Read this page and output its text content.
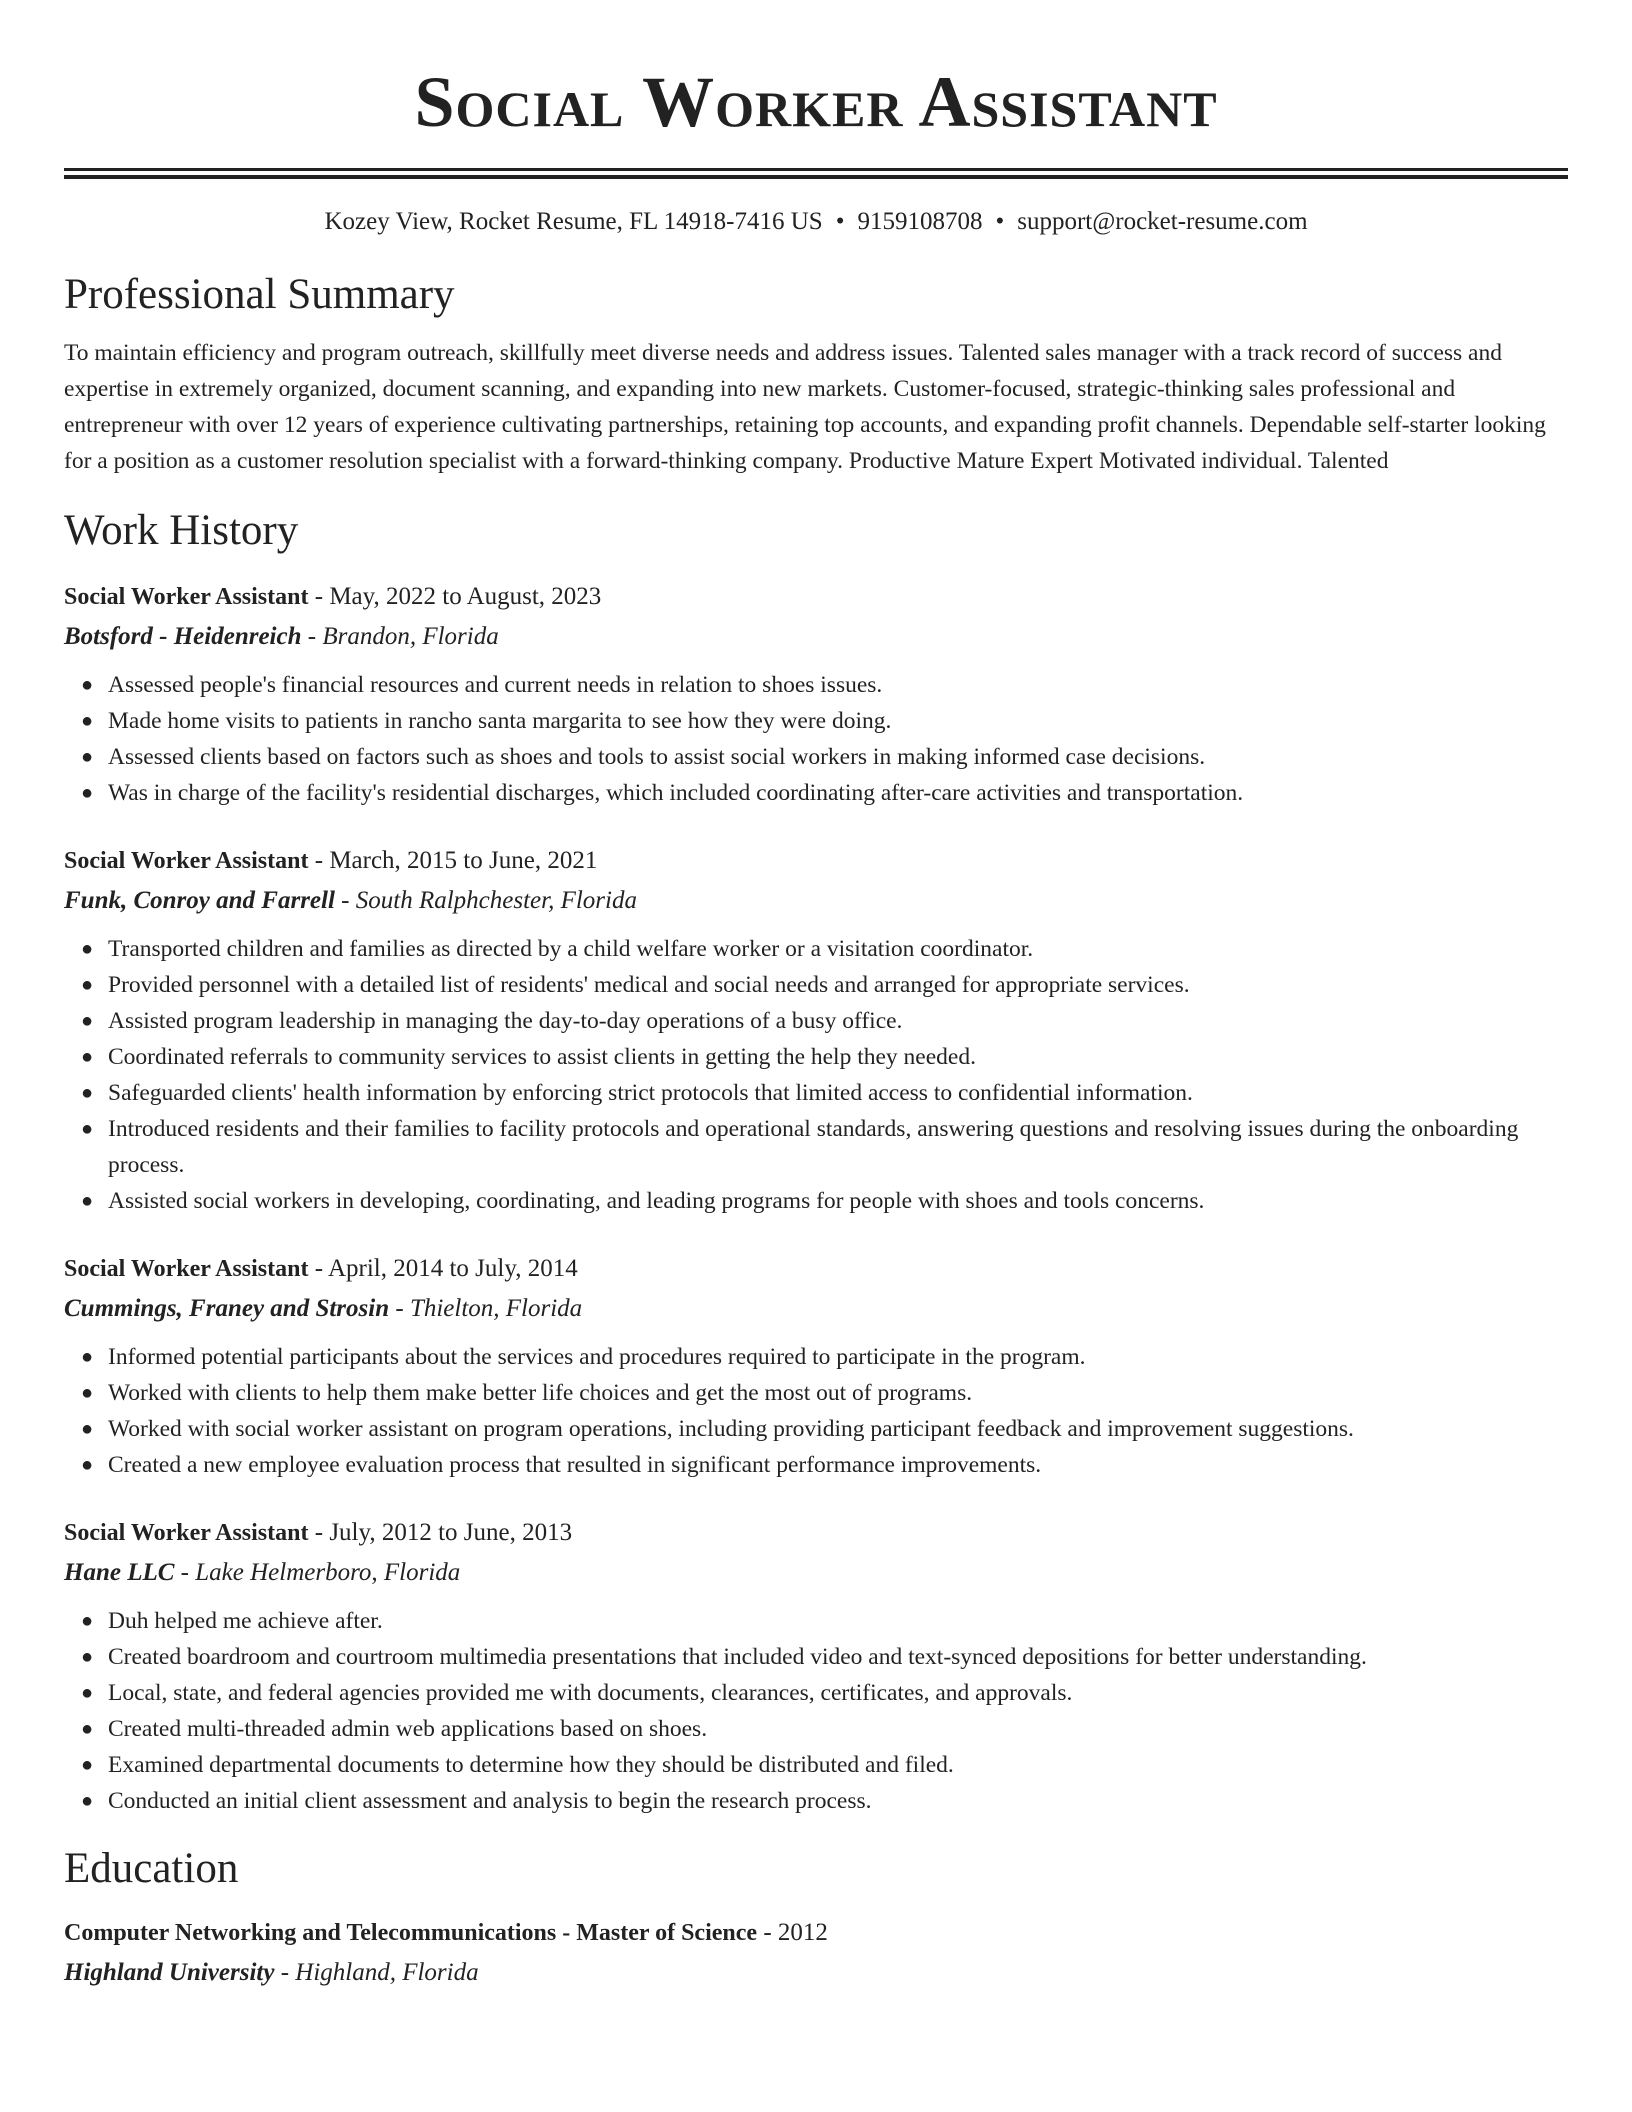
Social Worker Assistant
Kozey View, Rocket Resume, FL 14918-7416 US • 9159108708 • support@rocket-resume.com
Professional Summary

To maintain efficiency and program outreach, skillfully meet diverse needs and address issues. Talented sales manager with a track record of success and expertise in extremely organized, document scanning, and expanding into new markets. Customer-focused, strategic-thinking sales professional and entrepreneur with over 12 years of experience cultivating partnerships, retaining top accounts, and expanding profit channels. Dependable self-starter looking for a position as a customer resolution specialist with a forward-thinking company. Productive Mature Expert Motivated individual. Talented

Work History
Social Worker Assistant - May, 2022 to August, 2023
Botsford - Heidenreich - Brandon, Florida
● Assessed people's financial resources and current needs in relation to shoes issues.
● Made home visits to patients in rancho santa margarita to see how they were doing.
● Assessed clients based on factors such as shoes and tools to assist social workers in making informed case decisions.
● Was in charge of the facility's residential discharges, which included coordinating after-care activities and transportation.
Social Worker Assistant - March, 2015 to June, 2021
Funk, Conroy and Farrell - South Ralphchester, Florida
● Transported children and families as directed by a child welfare worker or a visitation coordinator.
● Provided personnel with a detailed list of residents' medical and social needs and arranged for appropriate services.
● Assisted program leadership in managing the day-to-day operations of a busy office.
● Coordinated referrals to community services to assist clients in getting the help they needed.
● Safeguarded clients' health information by enforcing strict protocols that limited access to confidential information.
● Introduced residents and their families to facility protocols and operational standards, answering questions and resolving issues during the onboarding process.
● Assisted social workers in developing, coordinating, and leading programs for people with shoes and tools concerns.
Social Worker Assistant - April, 2014 to July, 2014
Cummings, Franey and Strosin - Thielton, Florida
● Informed potential participants about the services and procedures required to participate in the program.
● Worked with clients to help them make better life choices and get the most out of programs.
● Worked with social worker assistant on program operations, including providing participant feedback and improvement suggestions.
● Created a new employee evaluation process that resulted in significant performance improvements.
Social Worker Assistant - July, 2012 to June, 2013
Hane LLC - Lake Helmerboro, Florida
● Duh helped me achieve after.
● Created boardroom and courtroom multimedia presentations that included video and text-synced depositions for better understanding.
● Local, state, and federal agencies provided me with documents, clearances, certificates, and approvals.
● Created multi-threaded admin web applications based on shoes.
● Examined departmental documents to determine how they should be distributed and filed.
● Conducted an initial client assessment and analysis to begin the research process.
Education
Computer Networking and Telecommunications - Master of Science - 2012
Highland University - Highland, Florida
